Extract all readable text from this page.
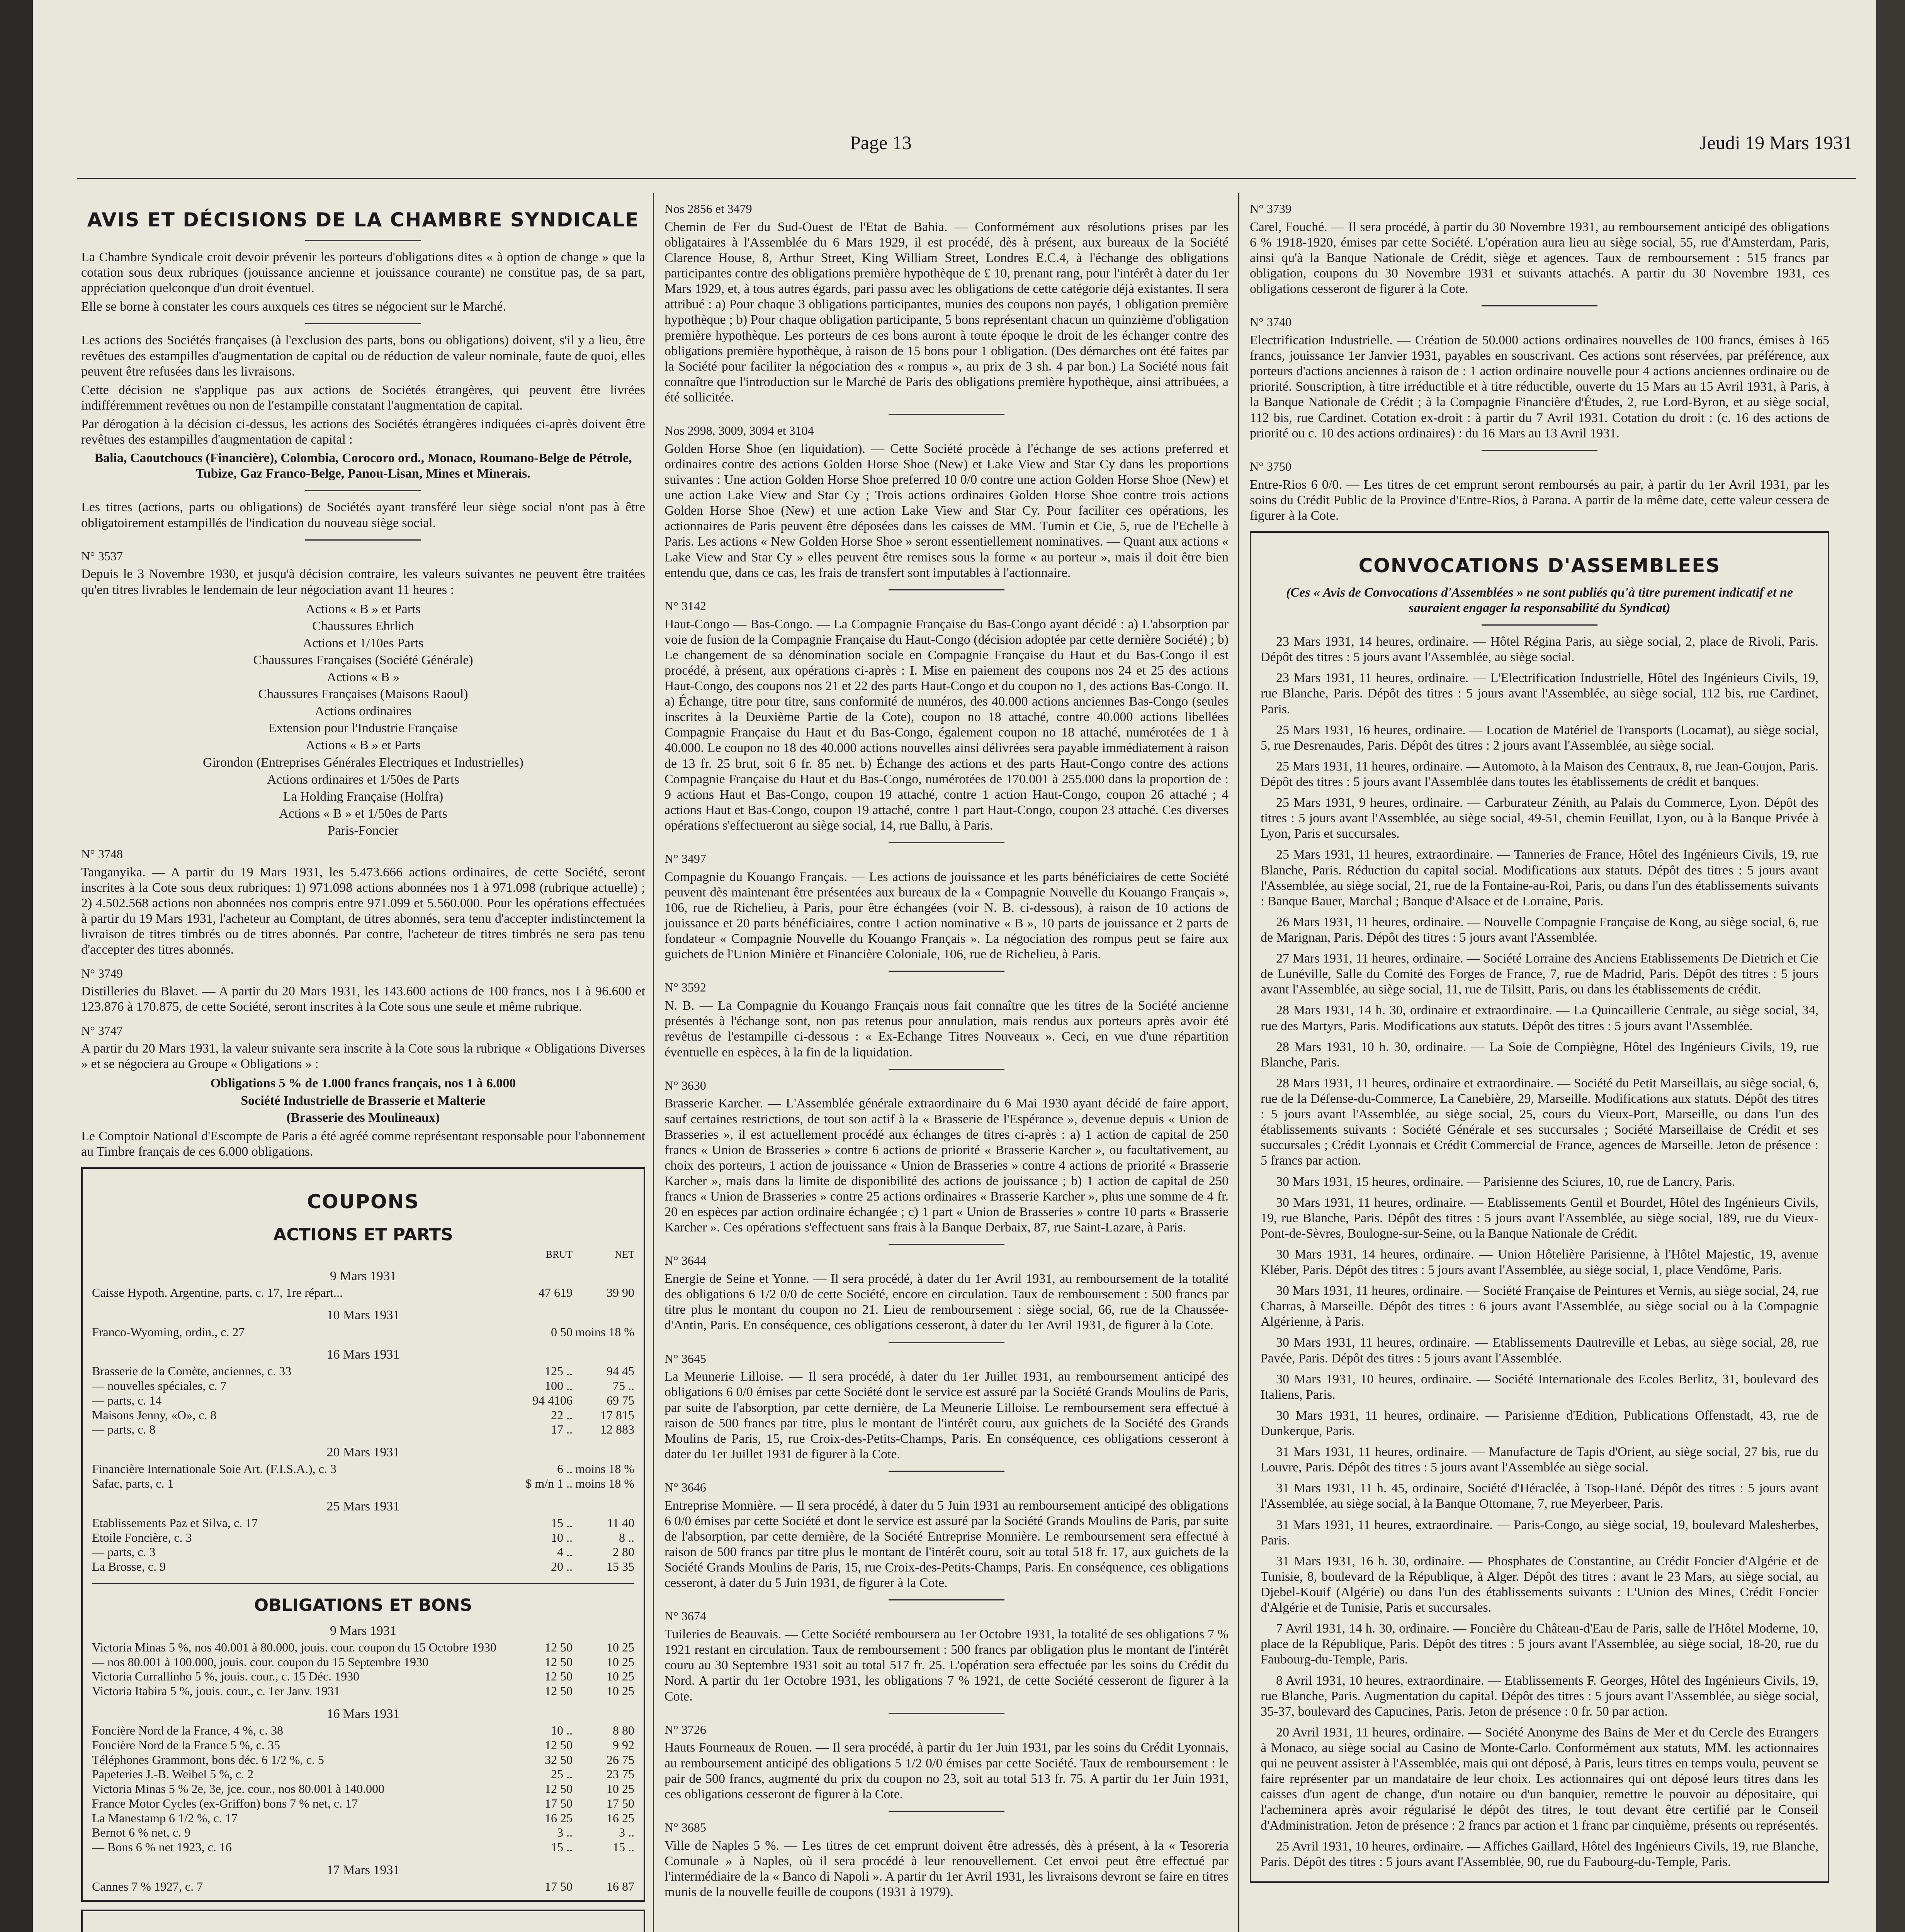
Page 13	Jeudi 19 Mars 1931
AVIS ET DÉCISIONS DE LA CHAMBRE SYNDICALE

La Chambre Syndicale croit devoir prévenir les porteurs d'obligations dites « à option de change » que la cotation sous deux rubriques (jouissance ancienne et jouissance courante) ne constitue pas, de sa part, appréciation quelconque d'un droit éventuel.

Elle se borne à constater les cours auxquels ces titres se négocient sur le Marché.

Les actions des Sociétés françaises (à l'exclusion des parts, bons ou obligations) doivent, s'il y a lieu, être revêtues des estampilles d'augmentation de capital ou de réduction de valeur nominale, faute de quoi, elles peuvent être refusées dans les livraisons.

Cette décision ne s'applique pas aux actions de Sociétés étrangères, qui peuvent être livrées indifféremment revêtues ou non de l'estampille constatant l'augmentation de capital.

Par dérogation à la décision ci-dessus, les actions des Sociétés étrangères indiquées ci-après doivent être revêtues des estampilles d'augmentation de capital :

Balia, Caoutchoucs (Financière), Colombia, Corocoro ord., Monaco, Roumano-Belge de Pétrole, Tubize, Gaz Franco-Belge, Panou-Lisan, Mines et Minerais.

Les titres (actions, parts ou obligations) de Sociétés ayant transféré leur siège social n'ont pas à être obligatoirement estampillés de l'indication du nouveau siège social.

N° 3537

Depuis le 3 Novembre 1930, et jusqu'à décision contraire, les valeurs suivantes ne peuvent être traitées qu'en titres livrables le lendemain de leur négociation avant 11 heures :

Actions « B » et Parts
Chaussures Ehrlich
Actions et 1/10es Parts
Chaussures Françaises (Société Générale)
Actions « B »
Chaussures Françaises (Maisons Raoul)
Actions ordinaires
Extension pour l'Industrie Française
Actions « B » et Parts
Girondon (Entreprises Générales Electriques et Industrielles)
Actions ordinaires et 1/50es de Parts
La Holding Française (Holfra)
Actions « B » et 1/50es de Parts
Paris-Foncier
N° 3748

Tanganyika. — A partir du 19 Mars 1931, les 5.473.666 actions ordinaires, de cette Société, seront inscrites à la Cote sous deux rubriques: 1) 971.098 actions abonnées nos 1 à 971.098 (rubrique actuelle) ; 2) 4.502.568 actions non abonnées nos compris entre 971.099 et 5.560.000. Pour les opérations effectuées à partir du 19 Mars 1931, l'acheteur au Comptant, de titres abonnés, sera tenu d'accepter indistinctement la livraison de titres timbrés ou de titres abonnés. Par contre, l'acheteur de titres timbrés ne sera pas tenu d'accepter des titres abonnés.

N° 3749

Distilleries du Blavet. — A partir du 20 Mars 1931, les 143.600 actions de 100 francs, nos 1 à 96.600 et 123.876 à 170.875, de cette Société, seront inscrites à la Cote sous une seule et même rubrique.

N° 3747

A partir du 20 Mars 1931, la valeur suivante sera inscrite à la Cote sous la rubrique « Obligations Diverses » et se négociera au Groupe « Obligations » :

Obligations 5 % de 1.000 francs français, nos 1 à 6.000
Société Industrielle de Brasserie et Malterie
(Brasserie des Moulineaux)

Le Comptoir National d'Escompte de Paris a été agréé comme représentant responsable pour l'abonnement au Timbre français de ces 6.000 obligations.

COUPONS
ACTIONS ET PARTS
BRUT	NET
9 Mars 1931
Caisse Hypoth. Argentine, parts, c. 17, 1re répart...	47 619	39 90
10 Mars 1931
Franco-Wyoming, ordin., c. 27	0 50 moins 18 %
16 Mars 1931
Brasserie de la Comète, anciennes, c. 33	125 ..	94 45
— nouvelles spéciales, c. 7	100 ..	75 ..
— parts, c. 14	94 4106	69 75
Maisons Jenny, «O», c. 8	22 ..	17 815
— parts, c. 8	17 ..	12 883
20 Mars 1931
Financière Internationale Soie Art. (F.I.S.A.), c. 3	6 .. moins 18 %
Safac, parts, c. 1	$ m/n 1 .. moins 18 %
25 Mars 1931
Etablissements Paz et Silva, c. 17	15 ..	11 40
Etoile Foncière, c. 3	10 ..	8 ..
— parts, c. 3	4 ..	2 80
La Brosse, c. 9	20 ..	15 35
OBLIGATIONS ET BONS
9 Mars 1931
Victoria Minas 5 %, nos 40.001 à 80.000, jouis. cour. coupon du 15 Octobre 1930	12 50	10 25
— nos 80.001 à 100.000, jouis. cour. coupon du 15 Septembre 1930	12 50	10 25
Victoria Currallinho 5 %, jouis. cour., c. 15 Déc. 1930	12 50	10 25
Victoria Itabira 5 %, jouis. cour., c. 1er Janv. 1931	12 50	10 25
16 Mars 1931
Foncière Nord de la France, 4 %, c. 38	10 ..	8 80
Foncière Nord de la France 5 %, c. 35	12 50	9 92
Téléphones Grammont, bons déc. 6 1/2 %, c. 5	32 50	26 75
Papeteries J.-B. Weibel 5 %, c. 2	25 ..	23 75
Victoria Minas 5 % 2e, 3e, jce. cour., nos 80.001 à 140.000	12 50	10 25
France Motor Cycles (ex-Griffon) bons 7 % net, c. 17	17 50	17 50
La Manestamp 6 1/2 %, c. 17	16 25	16 25
Bernot 6 % net, c. 9	3 ..	3 ..
— Bons 6 % net 1923, c. 16	15 ..	15 ..
17 Mars 1931
Cannes 7 % 1927, c. 7	17 50	16 87

Nos 2856 et 3479

Chemin de Fer du Sud-Ouest de l'Etat de Bahia. — Conformément aux résolutions prises par les obligataires à l'Assemblée du 6 Mars 1929, il est procédé, dès à présent, aux bureaux de la Société Clarence House, 8, Arthur Street, King William Street, Londres E.C.4, à l'échange des obligations participantes contre des obligations première hypothèque de £ 10, prenant rang, pour l'intérêt à dater du 1er Mars 1929, et, à tous autres égards, pari passu avec les obligations de cette catégorie déjà existantes. Il sera attribué : a) Pour chaque 3 obligations participantes, munies des coupons non payés, 1 obligation première hypothèque ; b) Pour chaque obligation participante, 5 bons représentant chacun un quinzième d'obligation première hypothèque. Les porteurs de ces bons auront à toute époque le droit de les échanger contre des obligations première hypothèque, à raison de 15 bons pour 1 obligation. (Des démarches ont été faites par la Société pour faciliter la négociation des « rompus », au prix de 3 sh. 4 par bon.) La Société nous fait connaître que l'introduction sur le Marché de Paris des obligations première hypothèque, ainsi attribuées, a été sollicitée.

Nos 2998, 3009, 3094 et 3104

Golden Horse Shoe (en liquidation). — Cette Société procède à l'échange de ses actions preferred et ordinaires contre des actions Golden Horse Shoe (New) et Lake View and Star Cy dans les proportions suivantes : Une action Golden Horse Shoe preferred 10 0/0 contre une action Golden Horse Shoe (New) et une action Lake View and Star Cy ; Trois actions ordinaires Golden Horse Shoe contre trois actions Golden Horse Shoe (New) et une action Lake View and Star Cy. Pour faciliter ces opérations, les actionnaires de Paris peuvent être déposées dans les caisses de MM. Tumin et Cie, 5, rue de l'Echelle à Paris. Les actions « New Golden Horse Shoe » seront essentiellement nominatives. — Quant aux actions « Lake View and Star Cy » elles peuvent être remises sous la forme « au porteur », mais il doit être bien entendu que, dans ce cas, les frais de transfert sont imputables à l'actionnaire.

N° 3142

Haut-Congo — Bas-Congo. — La Compagnie Française du Bas-Congo ayant décidé : a) L'absorption par voie de fusion de la Compagnie Française du Haut-Congo (décision adoptée par cette dernière Société) ; b) Le changement de sa dénomination sociale en Compagnie Française du Haut et du Bas-Congo il est procédé, à présent, aux opérations ci-après : I. Mise en paiement des coupons nos 24 et 25 des actions Haut-Congo, des coupons nos 21 et 22 des parts Haut-Congo et du coupon no 1, des actions Bas-Congo. II. a) Échange, titre pour titre, sans conformité de numéros, des 40.000 actions anciennes Bas-Congo (seules inscrites à la Deuxième Partie de la Cote), coupon no 18 attaché, contre 40.000 actions libellées Compagnie Française du Haut et du Bas-Congo, également coupon no 18 attaché, numérotées de 1 à 40.000. Le coupon no 18 des 40.000 actions nouvelles ainsi délivrées sera payable immédiatement à raison de 13 fr. 25 brut, soit 6 fr. 85 net. b) Échange des actions et des parts Haut-Congo contre des actions Compagnie Française du Haut et du Bas-Congo, numérotées de 170.001 à 255.000 dans la proportion de : 9 actions Haut et Bas-Congo, coupon 19 attaché, contre 1 action Haut-Congo, coupon 26 attaché ; 4 actions Haut et Bas-Congo, coupon 19 attaché, contre 1 part Haut-Congo, coupon 23 attaché. Ces diverses opérations s'effectueront au siège social, 14, rue Ballu, à Paris.

N° 3497

Compagnie du Kouango Français. — Les actions de jouissance et les parts bénéficiaires de cette Société peuvent dès maintenant être présentées aux bureaux de la « Compagnie Nouvelle du Kouango Français », 106, rue de Richelieu, à Paris, pour être échangées (voir N. B. ci-dessous), à raison de 10 actions de jouissance et 20 parts bénéficiaires, contre 1 action nominative « B », 10 parts de jouissance et 2 parts de fondateur « Compagnie Nouvelle du Kouango Français ». La négociation des rompus peut se faire aux guichets de l'Union Minière et Financière Coloniale, 106, rue de Richelieu, à Paris.

N° 3592

N. B. — La Compagnie du Kouango Français nous fait connaître que les titres de la Société ancienne présentés à l'échange sont, non pas retenus pour annulation, mais rendus aux porteurs après avoir été revêtus de l'estampille ci-dessous : « Ex-Echange Titres Nouveaux ». Ceci, en vue d'une répartition éventuelle en espèces, à la fin de la liquidation.

N° 3630

Brasserie Karcher. — L'Assemblée générale extraordinaire du 6 Mai 1930 ayant décidé de faire apport, sauf certaines restrictions, de tout son actif à la « Brasserie de l'Espérance », devenue depuis « Union de Brasseries », il est actuellement procédé aux échanges de titres ci-après : a) 1 action de capital de 250 francs « Union de Brasseries » contre 6 actions de priorité « Brasserie Karcher », ou facultativement, au choix des porteurs, 1 action de jouissance « Union de Brasseries » contre 4 actions de priorité « Brasserie Karcher », mais dans la limite de disponibilité des actions de jouissance ; b) 1 action de capital de 250 francs « Union de Brasseries » contre 25 actions ordinaires « Brasserie Karcher », plus une somme de 4 fr. 20 en espèces par action ordinaire échangée ; c) 1 part « Union de Brasseries » contre 10 parts « Brasserie Karcher ». Ces opérations s'effectuent sans frais à la Banque Derbaix, 87, rue Saint-Lazare, à Paris.

N° 3644

Energie de Seine et Yonne. — Il sera procédé, à dater du 1er Avril 1931, au remboursement de la totalité des obligations 6 1/2 0/0 de cette Société, encore en circulation. Taux de remboursement : 500 francs par titre plus le montant du coupon no 21. Lieu de remboursement : siège social, 66, rue de la Chaussée-d'Antin, Paris. En conséquence, ces obligations cesseront, à dater du 1er Avril 1931, de figurer à la Cote.

N° 3645

La Meunerie Lilloise. — Il sera procédé, à dater du 1er Juillet 1931, au remboursement anticipé des obligations 6 0/0 émises par cette Société dont le service est assuré par la Société Grands Moulins de Paris, par suite de l'absorption, par cette dernière, de La Meunerie Lilloise. Le remboursement sera effectué à raison de 500 francs par titre, plus le montant de l'intérêt couru, aux guichets de la Société des Grands Moulins de Paris, 15, rue Croix-des-Petits-Champs, Paris. En conséquence, ces obligations cesseront à dater du 1er Juillet 1931 de figurer à la Cote.

N° 3646

Entreprise Monnière. — Il sera procédé, à dater du 5 Juin 1931 au remboursement anticipé des obligations 6 0/0 émises par cette Société et dont le service est assuré par la Société Grands Moulins de Paris, par suite de l'absorption, par cette dernière, de la Société Entreprise Monnière. Le remboursement sera effectué à raison de 500 francs par titre plus le montant de l'intérêt couru, soit au total 518 fr. 17, aux guichets de la Société Grands Moulins de Paris, 15, rue Croix-des-Petits-Champs, Paris. En conséquence, ces obligations cesseront, à dater du 5 Juin 1931, de figurer à la Cote.

N° 3674

Tuileries de Beauvais. — Cette Société remboursera au 1er Octobre 1931, la totalité de ses obligations 7 % 1921 restant en circulation. Taux de remboursement : 500 francs par obligation plus le montant de l'intérêt couru au 30 Septembre 1931 soit au total 517 fr. 25. L'opération sera effectuée par les soins du Crédit du Nord. A partir du 1er Octobre 1931, les obligations 7 % 1921, de cette Société cesseront de figurer à la Cote.

N° 3726

Hauts Fourneaux de Rouen. — Il sera procédé, à partir du 1er Juin 1931, par les soins du Crédit Lyonnais, au remboursement anticipé des obligations 5 1/2 0/0 émises par cette Société. Taux de remboursement : le pair de 500 francs, augmenté du prix du coupon no 23, soit au total 513 fr. 75. A partir du 1er Juin 1931, ces obligations cesseront de figurer à la Cote.

N° 3685

Ville de Naples 5 %. — Les titres de cet emprunt doivent être adressés, dès à présent, à la « Tesoreria Comunale » à Naples, où il sera procédé à leur renouvellement. Cet envoi peut être effectué par l'intermédiaire de la « Banco di Napoli ». A partir du 1er Avril 1931, les livraisons devront se faire en titres munis de la nouvelle feuille de coupons (1931 à 1979).

N° 3739

Carel, Fouché. — Il sera procédé, à partir du 30 Novembre 1931, au remboursement anticipé des obligations 6 % 1918-1920, émises par cette Société. L'opération aura lieu au siège social, 55, rue d'Amsterdam, Paris, ainsi qu'à la Banque Nationale de Crédit, siège et agences. Taux de remboursement : 515 francs par obligation, coupons du 30 Novembre 1931 et suivants attachés. A partir du 30 Novembre 1931, ces obligations cesseront de figurer à la Cote.

N° 3740

Electrification Industrielle. — Création de 50.000 actions ordinaires nouvelles de 100 francs, émises à 165 francs, jouissance 1er Janvier 1931, payables en souscrivant. Ces actions sont réservées, par préférence, aux porteurs d'actions anciennes à raison de : 1 action ordinaire nouvelle pour 4 actions anciennes ordinaire ou de priorité. Souscription, à titre irréductible et à titre réductible, ouverte du 15 Mars au 15 Avril 1931, à Paris, à la Banque Nationale de Crédit ; à la Compagnie Financière d'Études, 2, rue Lord-Byron, et au siège social, 112 bis, rue Cardinet. Cotation ex-droit : à partir du 7 Avril 1931. Cotation du droit : (c. 16 des actions de priorité ou c. 10 des actions ordinaires) : du 16 Mars au 13 Avril 1931.

N° 3750

Entre-Rios 6 0/0. — Les titres de cet emprunt seront remboursés au pair, à partir du 1er Avril 1931, par les soins du Crédit Public de la Province d'Entre-Rios, à Parana. A partir de la même date, cette valeur cessera de figurer à la Cote.

CONVOCATIONS D'ASSEMBLEES

(Ces « Avis de Convocations d'Assemblées » ne sont publiés qu'à titre purement indicatif et ne sauraient engager la responsabilité du Syndicat)

23 Mars 1931, 14 heures, ordinaire. — Hôtel Régina Paris, au siège social, 2, place de Rivoli, Paris. Dépôt des titres : 5 jours avant l'Assemblée, au siège social.

23 Mars 1931, 11 heures, ordinaire. — L'Electrification Industrielle, Hôtel des Ingénieurs Civils, 19, rue Blanche, Paris. Dépôt des titres : 5 jours avant l'Assemblée, au siège social, 112 bis, rue Cardinet, Paris.

25 Mars 1931, 16 heures, ordinaire. — Location de Matériel de Transports (Locamat), au siège social, 5, rue Desrenaudes, Paris. Dépôt des titres : 2 jours avant l'Assemblée, au siège social.

25 Mars 1931, 11 heures, ordinaire. — Automoto, à la Maison des Centraux, 8, rue Jean-Goujon, Paris. Dépôt des titres : 5 jours avant l'Assemblée dans toutes les établissements de crédit et banques.

25 Mars 1931, 9 heures, ordinaire. — Carburateur Zénith, au Palais du Commerce, Lyon. Dépôt des titres : 5 jours avant l'Assemblée, au siège social, 49-51, chemin Feuillat, Lyon, ou à la Banque Privée à Lyon, Paris et succursales.

25 Mars 1931, 11 heures, extraordinaire. — Tanneries de France, Hôtel des Ingénieurs Civils, 19, rue Blanche, Paris. Réduction du capital social. Modifications aux statuts. Dépôt des titres : 5 jours avant l'Assemblée, au siège social, 21, rue de la Fontaine-au-Roi, Paris, ou dans l'un des établissements suivants : Banque Bauer, Marchal ; Banque d'Alsace et de Lorraine, Paris.

26 Mars 1931, 11 heures, ordinaire. — Nouvelle Compagnie Française de Kong, au siège social, 6, rue de Marignan, Paris. Dépôt des titres : 5 jours avant l'Assemblée.

27 Mars 1931, 11 heures, ordinaire. — Société Lorraine des Anciens Etablissements De Dietrich et Cie de Lunéville, Salle du Comité des Forges de France, 7, rue de Madrid, Paris. Dépôt des titres : 5 jours avant l'Assemblée, au siège social, 11, rue de Tilsitt, Paris, ou dans les établissements de crédit.

28 Mars 1931, 14 h. 30, ordinaire et extraordinaire. — La Quincaillerie Centrale, au siège social, 34, rue des Martyrs, Paris. Modifications aux statuts. Dépôt des titres : 5 jours avant l'Assemblée.

28 Mars 1931, 10 h. 30, ordinaire. — La Soie de Compiègne, Hôtel des Ingénieurs Civils, 19, rue Blanche, Paris.

28 Mars 1931, 11 heures, ordinaire et extraordinaire. — Société du Petit Marseillais, au siège social, 6, rue de la Défense-du-Commerce, La Canebière, 29, Marseille. Modifications aux statuts. Dépôt des titres : 5 jours avant l'Assemblée, au siège social, 25, cours du Vieux-Port, Marseille, ou dans l'un des établissements suivants : Société Générale et ses succursales ; Société Marseillaise de Crédit et ses succursales ; Crédit Lyonnais et Crédit Commercial de France, agences de Marseille. Jeton de présence : 5 francs par action.

30 Mars 1931, 15 heures, ordinaire. — Parisienne des Sciures, 10, rue de Lancry, Paris.

30 Mars 1931, 11 heures, ordinaire. — Etablissements Gentil et Bourdet, Hôtel des Ingénieurs Civils, 19, rue Blanche, Paris. Dépôt des titres : 5 jours avant l'Assemblée, au siège social, 189, rue du Vieux-Pont-de-Sèvres, Boulogne-sur-Seine, ou la Banque Nationale de Crédit.

30 Mars 1931, 14 heures, ordinaire. — Union Hôtelière Parisienne, à l'Hôtel Majestic, 19, avenue Kléber, Paris. Dépôt des titres : 5 jours avant l'Assemblée, au siège social, 1, place Vendôme, Paris.

30 Mars 1931, 11 heures, ordinaire. — Société Française de Peintures et Vernis, au siège social, 24, rue Charras, à Marseille. Dépôt des titres : 6 jours avant l'Assemblée, au siège social ou à la Compagnie Algérienne, à Paris.

30 Mars 1931, 11 heures, ordinaire. — Etablissements Dautreville et Lebas, au siège social, 28, rue Pavée, Paris. Dépôt des titres : 5 jours avant l'Assemblée.

30 Mars 1931, 10 heures, ordinaire. — Société Internationale des Ecoles Berlitz, 31, boulevard des Italiens, Paris.

30 Mars 1931, 11 heures, ordinaire. — Parisienne d'Edition, Publications Offenstadt, 43, rue de Dunkerque, Paris.

31 Mars 1931, 11 heures, ordinaire. — Manufacture de Tapis d'Orient, au siège social, 27 bis, rue du Louvre, Paris. Dépôt des titres : 5 jours avant l'Assemblée au siège social.

31 Mars 1931, 11 h. 45, ordinaire, Société d'Héraclée, à Tsop-Hané. Dépôt des titres : 5 jours avant l'Assemblée, au siège social, à la Banque Ottomane, 7, rue Meyerbeer, Paris.

31 Mars 1931, 11 heures, extraordinaire. — Paris-Congo, au siège social, 19, boulevard Malesherbes, Paris.

31 Mars 1931, 16 h. 30, ordinaire. — Phosphates de Constantine, au Crédit Foncier d'Algérie et de Tunisie, 8, boulevard de la République, à Alger. Dépôt des titres : avant le 23 Mars, au siège social, au Djebel-Kouif (Algérie) ou dans l'un des établissements suivants : L'Union des Mines, Crédit Foncier d'Algérie et de Tunisie, Paris et succursales.

7 Avril 1931, 14 h. 30, ordinaire. — Foncière du Château-d'Eau de Paris, salle de l'Hôtel Moderne, 10, place de la République, Paris. Dépôt des titres : 5 jours avant l'Assemblée, au siège social, 18-20, rue du Faubourg-du-Temple, Paris.

8 Avril 1931, 10 heures, extraordinaire. — Etablissements F. Georges, Hôtel des Ingénieurs Civils, 19, rue Blanche, Paris. Augmentation du capital. Dépôt des titres : 5 jours avant l'Assemblée, au siège social, 35-37, boulevard des Capucines, Paris. Jeton de présence : 0 fr. 50 par action.

20 Avril 1931, 11 heures, ordinaire. — Société Anonyme des Bains de Mer et du Cercle des Etrangers à Monaco, au siège social au Casino de Monte-Carlo. Conformément aux statuts, MM. les actionnaires qui ne peuvent assister à l'Assemblée, mais qui ont déposé, à Paris, leurs titres en temps voulu, peuvent se faire représenter par un mandataire de leur choix. Les actionnaires qui ont déposé leurs titres dans les caisses d'un agent de change, d'un notaire ou d'un banquier, remettre le pouvoir au dépositaire, qui l'acheminera après avoir régularisé le dépôt des titres, le tout devant être certifié par le Conseil d'Administration. Jeton de présence : 2 francs par action et 1 franc par cinquième, présents ou représentés.

25 Avril 1931, 10 heures, ordinaire. — Affiches Gaillard, Hôtel des Ingénieurs Civils, 19, rue Blanche, Paris. Dépôt des titres : 5 jours avant l'Assemblée, 90, rue du Faubourg-du-Temple, Paris.
